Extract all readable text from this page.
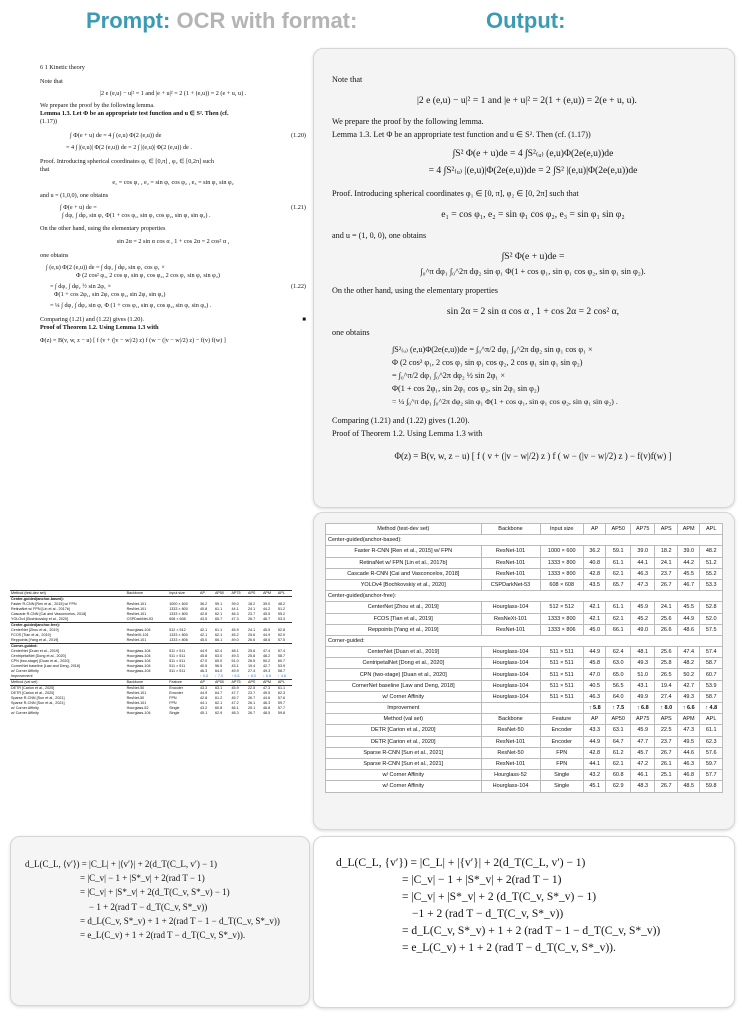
Prompt: OCR with format:	Output:
6 1 Kinetic theory
Note that
|2 e (e,u) − u|² = 1 and |e + u|² = 2 (1 + (e,u)) = 2 (e + u, u) .
We prepare the proof by the following lemma.
Lemma 1.3. Let Φ be an appropriate test function and u ∈ S². Then (cf.
(1.17))
∫ Φ(e + u) de = 4 ∫ (e,u) Φ(2 (e,u)) de	(1.20)
= 4 ∫ |(e,u)| Φ(2 (e,u)) de = 2 ∫ |(e,u)| Φ(2 (e,u)) de .
Proof. Introducing spherical coordinates φ₁ ∈ [0,π] , φ₂ ∈ [0,2π] such
that
e₁ = cos φ₁ , e₂ = sin φ₁ cos φ₂ , e₃ = sin φ₁ sin φ₂
and u = (1,0,0), one obtains
∫ Φ(e + u) de =	(1.21)
∫ dφ₁ ∫ dφ₂ sin φ₁ Φ(1 + cos φ₁, sin φ₁ cos φ₂, sin φ₁ sin φ₂) .
On the other hand, using the elementary properties
sin 2α = 2 sin α cos α , 1 + cos 2α = 2 cos² α ,
one obtains
∫ (e,u) Φ(2 (e,u)) de = ∫ dφ₁ ∫ dφ₂ sin φ₁ cos φ₁ ×
Φ (2 cos² φ₁, 2 cos φ₁ sin φ₁ cos φ₂, 2 cos φ₁ sin φ₁ sin φ₂)
= ∫ dφ₁ ∫ dφ₂ ½ sin 2φ₁ ×	(1.22)
Φ(1 + cos 2φ₁, sin 2φ₁ cos φ₂, sin 2φ₁ sin φ₂)
= ¼ ∫ dφ₁ ∫ dφ₂ sin φ₁ Φ (1 + cos φ₁, sin φ₁ cos φ₂, sin φ₁ sin φ₂) .
Comparing (1.21) and (1.22) gives (1.20).	■
Proof of Theorem 1.2. Using Lemma 1.3 with
Φ(z) = B(v, w, z − u) [ f (v + (|v − w|/2) z) f (w − (|v − w|/2) z) − f(v) f(w) ]
Note that
|2 e (e,u) − u|² = 1 and |e + u|² = 2(1 + (e,u)) = 2(e + u, u).
We prepare the proof by the following lemma.
Lemma 1.3. Let Φ be an appropriate test function and u ∈ S². Then (cf. (1.17))
∫S² Φ(e + u)de = 4 ∫S²₍ᵤ₎ (e,u)Φ(2e(e,u))de
= 4 ∫S²₍ᵤ₎ |(e,u)|Φ(2e(e,u))de = 2 ∫S² |(e,u)|Φ(2e(e,u))de
Proof. Introducing spherical coordinates φ₁ ∈ [0, π], φ₂ ∈ [0, 2π] such that
e₁ = cos φ₁, e₂ = sin φ₁ cos φ₂, e₃ = sin φ₁ sin φ₂
and u = (1, 0, 0), one obtains
∫S² Φ(e + u)de =
∫₀^π dφ₁ ∫₀^2π dφ₂ sin φ₁ Φ(1 + cos φ₁, sin φ₁ cos φ₂, sin φ₁ sin φ₂).
On the other hand, using the elementary properties
sin 2α = 2 sin α cos α , 1 + cos 2α = 2 cos² α,
one obtains
∫S²₍ᵤ₎ (e,u)Φ(2e(e,u))de = ∫₀^π/2 dφ₁ ∫₀^2π dφ₂ sin φ₁ cos φ₁ ×
Φ (2 cos² φ₁, 2 cos φ₁ sin φ₁ cos φ₂, 2 cos φ₁ sin φ₁ sin φ₂)
= ∫₀^π/2 dφ₁ ∫₀^2π dφ₂ ½ sin 2φ₁ ×
Φ(1 + cos 2φ₁, sin 2φ₁ cos φ₂, sin 2φ₁ sin φ₂)
= ¼ ∫₀^π dφ₁ ∫₀^2π dφ₂ sin φ₁ Φ(1 + cos φ₁, sin φ₁ cos φ₂, sin φ₁ sin φ₂) .
Comparing (1.21) and (1.22) gives (1.20).
Proof of Theorem 1.2. Using Lemma 1.3 with
Φ(z) = B(v, w, z − u) [ f ( v + (|v − w|/2) z ) f ( w − (|v − w|/2) z ) − f(v)f(w) ]
Method (test-dev set)	Backbone	Input size	AP	AP50	AP75	APS	APM	APL
Center-guided(anchor-based):								
Faster R-CNN [Ren et al., 2015] w/ FPN	ResNet-101	1000 × 600	36.2	59.1	39.0	18.2	39.0	48.2
RetinaNet w/ FPN [Lin et al., 2017b]	ResNet-101	1333 × 800	40.8	61.1	44.1	24.1	44.2	51.2
Cascade R-CNN [Cai and Vasconcelos, 2018]	ResNet-101	1333 × 800	42.8	62.1	46.3	23.7	45.5	55.2
YOLOv4 [Bochkovskiy et al., 2020]	CSPDarkNet-53	608 × 608	43.5	65.7	47.3	26.7	46.7	53.3
Center-guided(anchor-free):								
CenterNet [Zhou et al., 2019]	Hourglass-104	512 × 512	42.1	61.1	45.9	24.1	45.5	52.8
FCOS [Tian et al., 2019]	ResNeXt-101	1333 × 800	42.1	62.1	45.2	25.6	44.9	52.0
Reppoints [Yang et al., 2019]	ResNet-101	1333 × 806	45.0	66.1	49.0	26.6	48.6	57.5
Corner-guided:								
CenterNet [Duan et al., 2019]	Hourglass-104	511 × 511	44.9	62.4	48.1	25.6	47.4	57.4
CentripetalNet [Dong et al., 2020]	Hourglass-104	511 × 511	45.8	63.0	49.3	25.8	48.2	58.7
CPN (two-stage) [Duan et al., 2020]	Hourglass-104	511 × 511	47.0	65.0	51.0	26.5	50.2	60.7
CornerNet baseline [Law and Deng, 2018]	Hourglass-104	511 × 511	40.5	56.5	43.1	19.4	42.7	53.9
w/ Corner Affinity	Hourglass-104	511 × 511	46.3	64.0	49.9	27.4	49.3	58.7
Improvement			↑ 5.8	↑ 7.5	↑ 6.8	↑ 8.0	↑ 6.6	↑ 4.8
Method (val set)	Backbone	Feature	AP	AP50	AP75	APS	APM	APL
DETR [Carion et al., 2020]	ResNet-50	Encoder	43.3	63.1	45.9	22.5	47.3	61.1
DETR [Carion et al., 2020]	ResNet-101	Encoder	44.9	64.7	47.7	23.7	49.5	62.3
Sparse R-CNN [Sun et al., 2021]	ResNet-50	FPN	42.8	61.2	45.7	26.7	44.6	57.6
Sparse R-CNN [Sun et al., 2021]	ResNet-101	FPN	44.1	62.1	47.2	26.1	46.3	59.7
w/ Corner Affinity	Hourglass-52	Single	43.2	60.8	46.1	25.1	46.8	57.7
w/ Corner Affinity	Hourglass-104	Single	45.1	62.9	48.3	26.7	48.5	59.8
Method (test-dev set)	Backbone	Input size	AP	AP50	AP75	APS	APM	APL
Center-guided(anchor-based):								
Faster R-CNN [Ren et al., 2015] w/ FPN	ResNet-101	1000 × 600	36.2	59.1	39.0	18.2	39.0	48.2
RetinaNet w/ FPN [Lin et al., 2017b]	ResNet-101	1333 × 800	40.8	61.1	44.1	24.1	44.2	51.2
Cascade R-CNN [Cai and Vasconcelos, 2018]	ResNet-101	1333 × 800	42.8	62.1	46.3	23.7	45.5	55.2
YOLOv4 [Bochkovskiy et al., 2020]	CSPDarkNet-53	608 × 608	43.5	65.7	47.3	26.7	46.7	53.3
Center-guided(anchor-free):								
CenterNet [Zhou et al., 2019]	Hourglass-104	512 × 512	42.1	61.1	45.9	24.1	45.5	52.8
FCOS [Tian et al., 2019]	ResNeXt-101	1333 × 800	42.1	62.1	45.2	25.6	44.9	52.0
Reppoints [Yang et al., 2019]	ResNet-101	1333 × 806	45.0	66.1	49.0	26.6	48.6	57.5
Corner-guided:								
CenterNet [Duan et al., 2019]	Hourglass-104	511 × 511	44.9	62.4	48.1	25.6	47.4	57.4
CentripetalNet [Dong et al., 2020]	Hourglass-104	511 × 511	45.8	63.0	49.3	25.8	48.2	58.7
CPN (two-stage) [Duan et al., 2020]	Hourglass-104	511 × 511	47.0	65.0	51.0	26.5	50.2	60.7
CornerNet baseline [Law and Deng, 2018]	Hourglass-104	511 × 511	40.5	56.5	43.1	19.4	42.7	53.9
w/ Corner Affinity	Hourglass-104	511 × 511	46.3	64.0	49.9	27.4	49.3	58.7
Improvement			↑ 5.8	↑ 7.5	↑ 6.8	↑ 8.0	↑ 6.6	↑ 4.8
Method (val set)	Backbone	Feature	AP	AP50	AP75	APS	APM	APL
DETR [Carion et al., 2020]	ResNet-50	Encoder	43.3	63.1	45.9	22.5	47.3	61.1
DETR [Carion et al., 2020]	ResNet-101	Encoder	44.9	64.7	47.7	23.7	49.5	62.3
Sparse R-CNN [Sun et al., 2021]	ResNet-50	FPN	42.8	61.2	45.7	26.7	44.6	57.6
Sparse R-CNN [Sun et al., 2021]	ResNet-101	FPN	44.1	62.1	47.2	26.1	46.3	59.7
w/ Corner Affinity	Hourglass-52	Single	43.2	60.8	46.1	25.1	46.8	57.7
w/ Corner Affinity	Hourglass-104	Single	45.1	62.9	48.3	26.7	48.5	59.8
d_L(C_L, ⟨v′⟩) = |C_L| + |⟨v′⟩| + 2(d_T(C_L, v′) − 1)
= |C_v| − 1 + |S*_v| + 2(rad T − 1)
= |C_v| + |S*_v| + 2(d_T(C_v, S*_v) − 1)
− 1 + 2(rad T − d_T(C_v, S*_v))
= d_L(C_v, S*_v) + 1 + 2(rad T − 1 − d_T(C_v, S*_v))
= e_L(C_v) + 1 + 2(rad T − d_T(C_v, S*_v)).
d_L(C_L, {v′}) = |C_L| + |{v′}| + 2(d_T(C_L, v′) − 1)
= |C_v| − 1 + |S*_v| + 2(rad T − 1)
= |C_v| + |S*_v| + 2 (d_T(C_v, S*_v) − 1)
−1 + 2 (rad T − d_T(C_v, S*_v))
= d_L(C_v, S*_v) + 1 + 2 (rad T − 1 − d_T(C_v, S*_v))
= e_L(C_v) + 1 + 2 (rad T − d_T(C_v, S*_v)).
